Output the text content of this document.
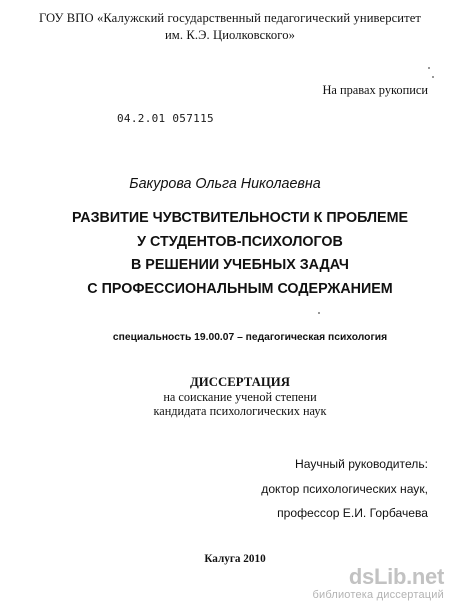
ГОУ ВПО «Калужский государственный педагогический университет
им. К.Э. Циолковского»
На правах рукописи
04.2.01 057115
Бакурова Ольга Николаевна
РАЗВИТИЕ ЧУВСТВИТЕЛЬНОСТИ К ПРОБЛЕМЕ
У СТУДЕНТОВ-ПСИХОЛОГОВ
В РЕШЕНИИ УЧЕБНЫХ ЗАДАЧ
С ПРОФЕССИОНАЛЬНЫМ СОДЕРЖАНИЕМ
специальность 19.00.07 – педагогическая психология
ДИССЕРТАЦИЯ
на соискание ученой степени
кандидата психологических наук
Научный руководитель:
доктор психологических наук,
профессор Е.И. Горбачева
Калуга 2010
dsLib.net
библиотека диссертаций
